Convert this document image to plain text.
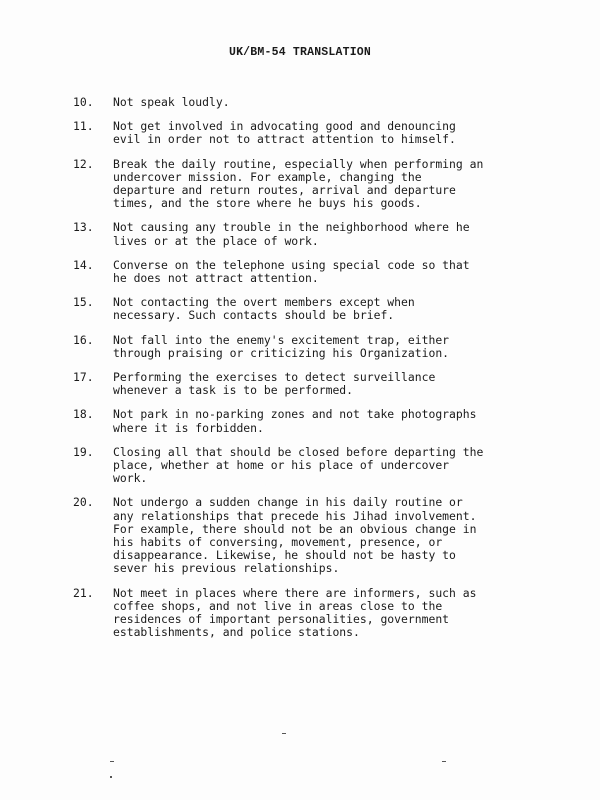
UK/BM-54 TRANSLATION
10.	Not speak loudly.
11.	Not get involved in advocating good and denouncing
evil in order not to attract attention to himself.
12.	Break the daily routine, especially when performing an
undercover mission. For example, changing the
departure and return routes, arrival and departure
times, and the store where he buys his goods.
13.	Not causing any trouble in the neighborhood where he
lives or at the place of work.
14.	Converse on the telephone using special code so that
he does not attract attention.
15.	Not contacting the overt members except when
necessary. Such contacts should be brief.
16.	Not fall into the enemy's excitement trap, either
through praising or criticizing his Organization.
17.	Performing the exercises to detect surveillance
whenever a task is to be performed.
18.	Not park in no-parking zones and not take photographs
where it is forbidden.
19.	Closing all that should be closed before departing the
place, whether at home or his place of undercover
work.
20.	Not undergo a sudden change in his daily routine or
any relationships that precede his Jihad involvement.
For example, there should not be an obvious change in
his habits of conversing, movement, presence, or
disappearance. Likewise, he should not be hasty to
sever his previous relationships.
21.	Not meet in places where there are informers, such as
coffee shops, and not live in areas close to the
residences of important personalities, government
establishments, and police stations.
